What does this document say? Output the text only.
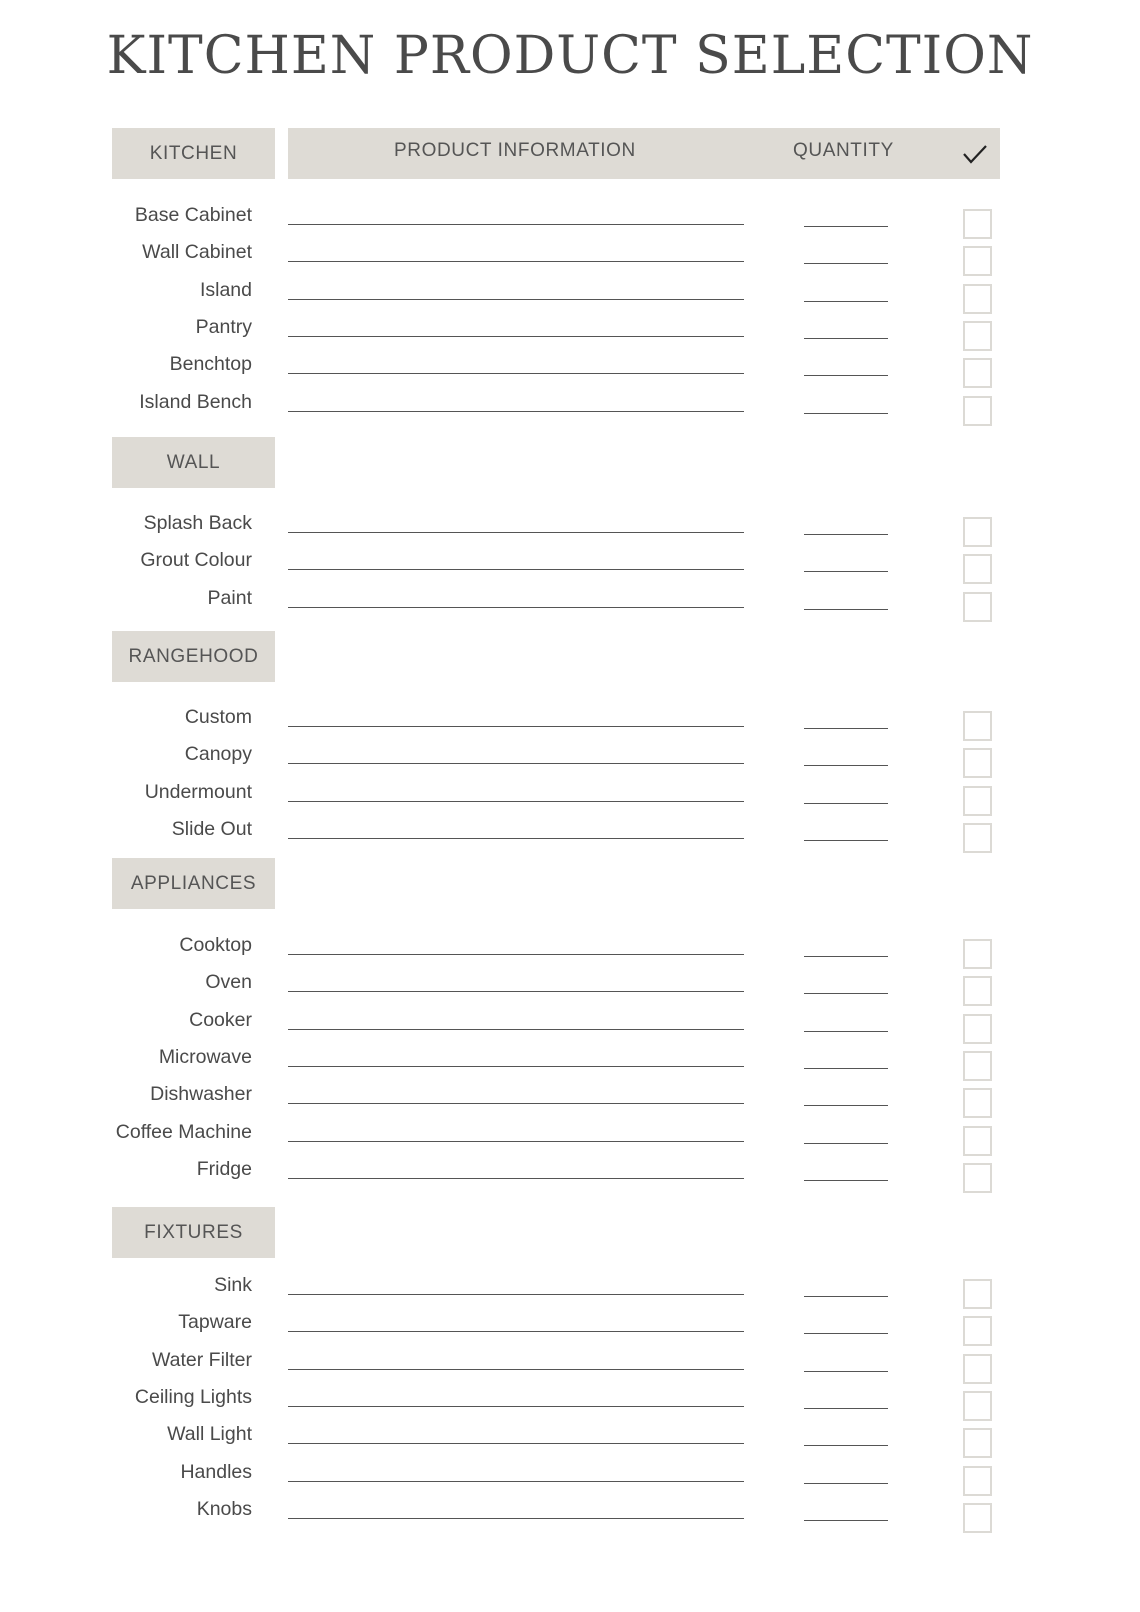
KITCHEN PRODUCT SELECTION
PRODUCT INFORMATION	QUANTITY
KITCHEN
Base Cabinet
Wall Cabinet
Island
Pantry
Benchtop
Island Bench
WALL
Splash Back
Grout Colour
Paint
RANGEHOOD
Custom
Canopy
Undermount
Slide Out
APPLIANCES
Cooktop
Oven
Cooker
Microwave
Dishwasher
Coffee Machine
Fridge
FIXTURES
Sink
Tapware
Water Filter
Ceiling Lights
Wall Light
Handles
Knobs
